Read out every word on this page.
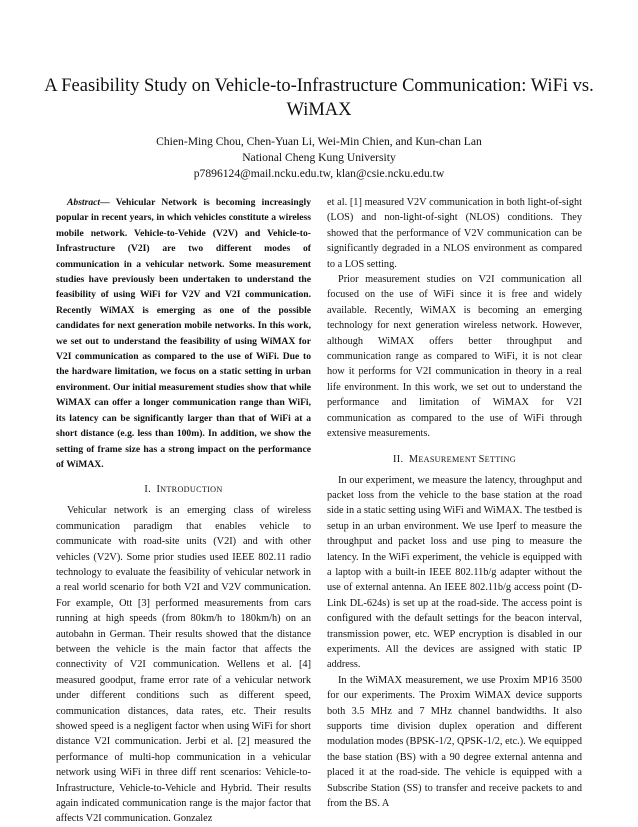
A Feasibility Study on Vehicle-to-Infrastructure Communication: WiFi vs. WiMAX
Chien-Ming Chou, Chen-Yuan Li, Wei-Min Chien, and Kun-chan Lan
National Cheng Kung University
p7896124@mail.ncku.edu.tw, klan@csie.ncku.edu.tw

Abstract— Vehicular Network is becoming increasingly popular in recent years, in which vehicles constitute a wireless mobile network. Vehicle-to-Vehide (V2V) and Vehicle-to-Infrastructure (V2I) are two different modes of communication in a vehicular network. Some measurement studies have previously been undertaken to understand the feasibility of using WiFi for V2V and V2I communication. Recently WiMAX is emerging as one of the possible candidates for next generation mobile networks. In this work, we set out to understand the feasibility of using WiMAX for V2I communication as compared to the use of WiFi. Due to the hardware limitation, we focus on a static setting in urban environment. Our initial measurement studies show that while WiMAX can offer a longer communication range than WiFi, its latency can be significantly larger than that of WiFi at a short distance (e.g. less than 100m). In addition, we show the setting of frame size has a strong impact on the performance of WiMAX.

I.  INTRODUCTION

Vehicular network is an emerging class of wireless communication paradigm that enables vehicle to communicate with road-site units (V2I) and with other vehicles (V2V). Some prior studies used IEEE 802.11 radio technology to evaluate the feasibility of vehicular network in a real world scenario for both V2I and V2V communication. For example, Ott [3] performed measurements from cars running at high speeds (from 80km/h to 180km/h) on an autobahn in German. Their results showed that the distance between the vehicle is the main factor that affects the connectivity of V2I communication. Wellens et al. [4] measured goodput, frame error rate of a vehicular network under different conditions such as different speed, communication distances, data rates, etc. Their results showed speed is a negligent factor when using WiFi for short distance V2I communication. Jerbi et al. [2] measured the performance of multi-hop communication in a vehicular network using WiFi in three diff rent scenarios: Vehicle-to-Infrastructure, Vehicle-to-Vehicle and Hybrid. Their results again indicated communication range is the major factor that affects V2I communication. Gonzalez

et al. [1] measured V2V communication in both light-of-sight (LOS) and non-light-of-sight (NLOS) conditions. They showed that the performance of V2V communication can be significantly degraded in a NLOS environment as compared to a LOS setting.

Prior measurement studies on V2I communication all focused on the use of WiFi since it is free and widely available. Recently, WiMAX is becoming an emerging technology for next generation wireless network. However, although WiMAX offers better throughput and communication range as compared to WiFi, it is not clear how it performs for V2I communication in theory in a real life environment. In this work, we set out to understand the performance and limitation of WiMAX for V2I communication as compared to the use of WiFi through extensive measurements.

II.  MEASUREMENT SETTING

In our experiment, we measure the latency, throughput and packet loss from the vehicle to the base station at the road side in a static setting using WiFi and WiMAX. The testbed is setup in an urban environment. We use Iperf to measure the throughput and packet loss and use ping to measure the latency. In the WiFi experiment, the vehicle is equipped with a laptop with a built-in IEEE 802.11b/g adapter without the use of external antenna. An IEEE 802.11b/g access point (D-Link DL-624s) is set up at the road-side. The access point is configured with the default settings for the beacon interval, transmission power, etc. WEP encryption is disabled in our experiments. All the devices are assigned with static IP address.

In the WiMAX measurement, we use Proxim MP16 3500 for our experiments. The Proxim WiMAX device supports both 3.5 MHz and 7 MHz channel bandwidths. It also supports time division duplex operation and different modulation modes (BPSK-1/2, QPSK-1/2, etc.). We equipped the base station (BS) with a 90 degree external antenna and placed it at the road-side. The vehicle is equipped with a Subscribe Station (SS) to transfer and receive packets to and from the BS. A
